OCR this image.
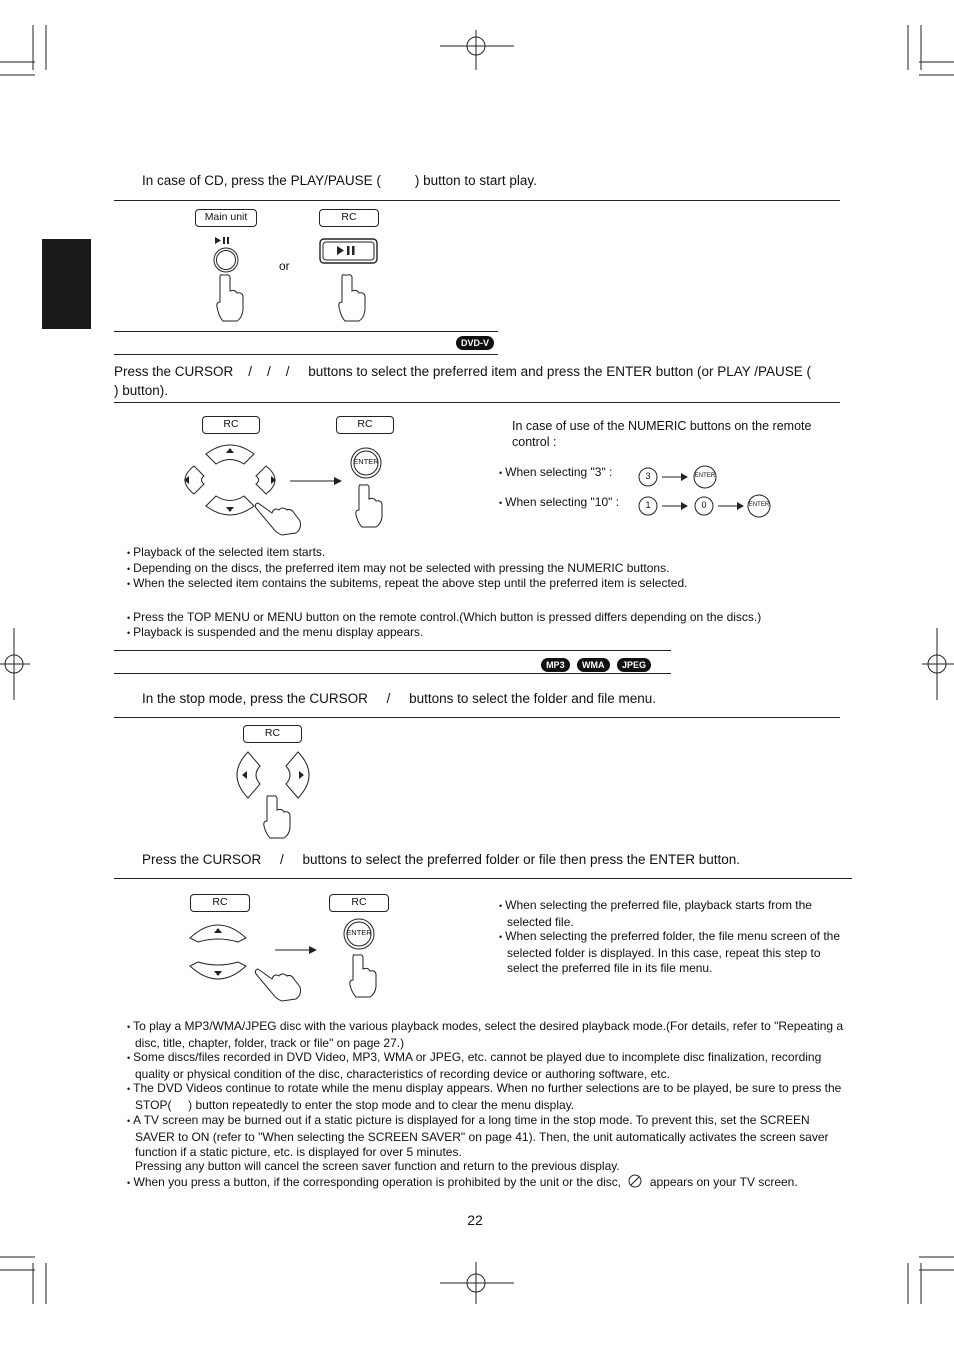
In case of CD, press the PLAY/PAUSE (	) button to start play.
Main unit	RC
or
DVD-V
Press the CURSOR    /    /    /     buttons to select the preferred item and press the ENTER button (or PLAY /PAUSE (         ) button).
RC	RC
ENTER
In case of use of the NUMERIC buttons on the remote control :
• When selecting "3" :
• When selecting "10" :
3	ENTER
1	0	ENTER
• Playback of the selected item starts.
• Depending on the discs, the preferred item may not be selected with pressing the NUMERIC buttons.
• When the selected item contains the subitems, repeat the above step until the preferred item is selected.
• Press the TOP MENU or MENU button on the remote control.(Which button is pressed differs depending on the discs.)
• Playback is suspended and the menu display appears.
MP3 WMA JPEG
In the stop mode, press the CURSOR     /     buttons to select the folder and file menu.
RC
Press the CURSOR     /     buttons to select the preferred folder or file then press the ENTER button.
RC	RC
ENTER
• When selecting the preferred file, playback starts from the selected file.
• When selecting the preferred folder, the file menu screen of the selected folder is displayed. In this case, repeat this step to select the preferred file in its file menu.
• To play a MP3/WMA/JPEG disc with the various playback modes, select the desired playback mode.(For details, refer to "Repeating a disc, title, chapter, folder, track or file" on page 27.)
• Some discs/files recorded in DVD Video, MP3, WMA or JPEG, etc. cannot be played due to incomplete disc finalization, recording quality or physical condition of the disc, characteristics of recording device or authoring software, etc.
• The DVD Videos continue to rotate while the menu display appears. When no further selections are to be played, be sure to press the STOP(     ) button repeatedly to enter the stop mode and to clear the menu display.
• A TV screen may be burned out if a static picture is displayed for a long time in the stop mode. To prevent this, set the SCREEN SAVER to ON (refer to "When selecting the SCREEN SAVER" on page 41). Then, the unit automatically activates the screen saver function if a static picture, etc. is displayed for over 5 minutes.
Pressing any button will cancel the screen saver function and return to the previous display.
• When you press a button, if the corresponding operation is prohibited by the unit or the disc, appears on your TV screen.
22
